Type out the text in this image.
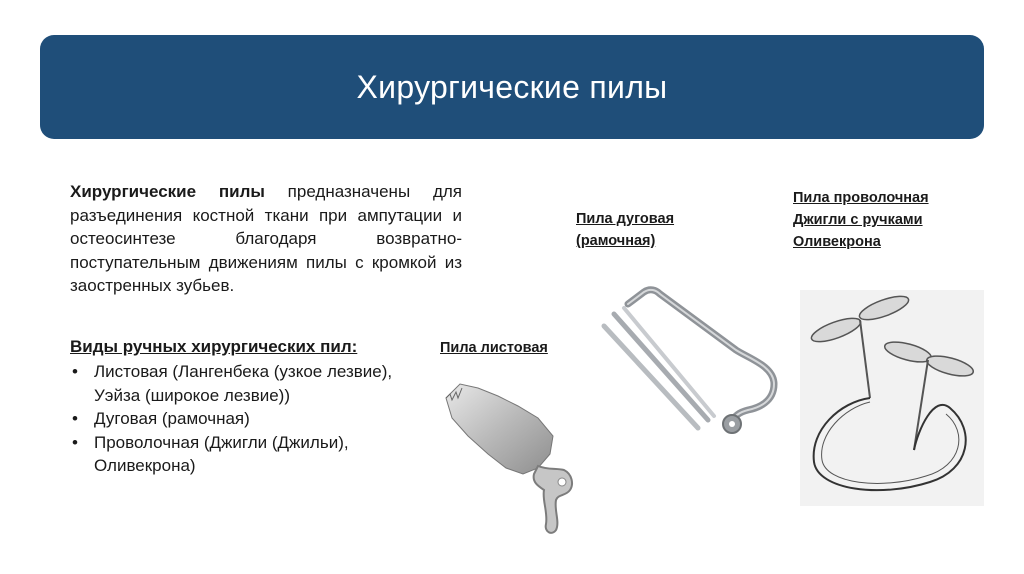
Хирургические пилы
Хирургические пилы предназначены для разъединения костной ткани при ампутации и остеосинтезе благодаря возвратно-поступательным движениям пилы с кромкой из заостренных зубьев.
Виды ручных хирургических пил:
• Листовая (Лангенбека (узкое лезвие), Уэйза (широкое лезвие))
• Дуговая (рамочная)
• Проволочная (Джигли (Джильи), Оливекрона)
Пила листовая
Пила дуговая
(рамочная)
Пила проволочная
Джигли с ручками
Оливекрона
